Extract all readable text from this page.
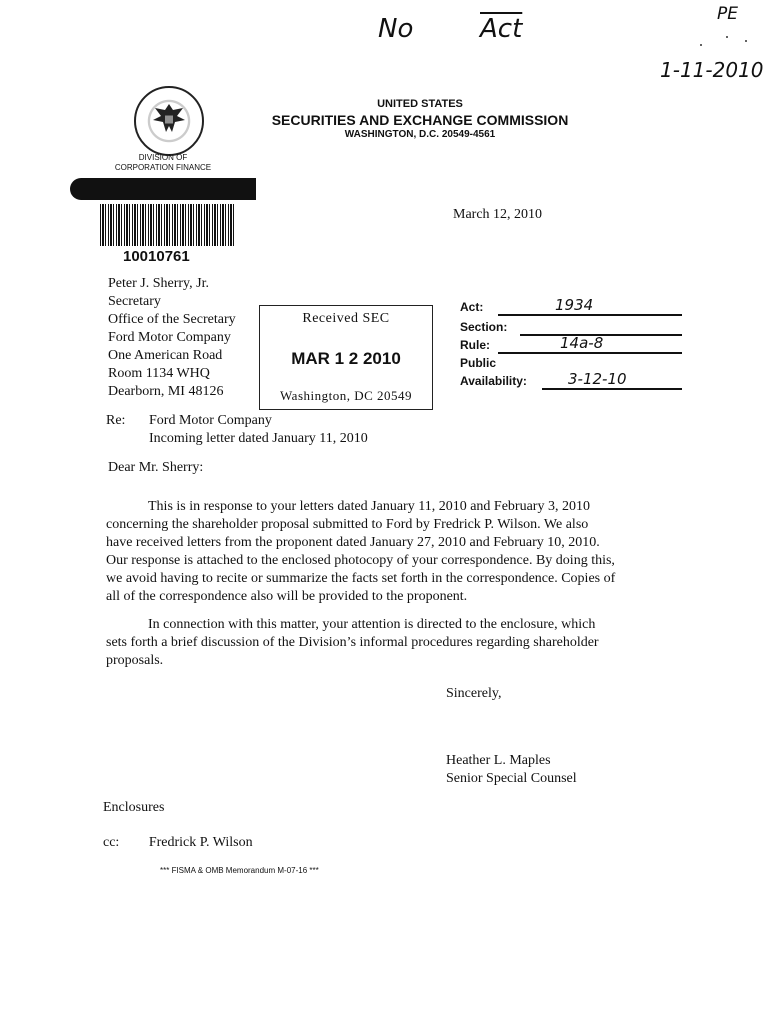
No	$\overline{Act}$	PE
1-11-2010
UNITED STATES
SECURITIES AND EXCHANGE COMMISSION
WASHINGTON, D.C. 20549-4561
DIVISION OF
CORPORATION FINANCE
10010761
March 12, 2010
Peter J. Sherry, Jr.
Secretary
Office of the Secretary
Ford Motor Company
One American Road
Room 1134 WHQ
Dearborn, MI 48126
Received SEC
MAR 1 2 2010
Washington, DC 20549
Act:	1934
Section:
Rule:	14a-8
Public
Availability:	3-12-10
Re: Ford Motor Company
Incoming letter dated January 11, 2010
Dear Mr. Sherry:

This is in response to your letters dated January 11, 2010 and February 3, 2010 concerning the shareholder proposal submitted to Ford by Fredrick P. Wilson. We also have received letters from the proponent dated January 27, 2010 and February 10, 2010. Our response is attached to the enclosed photocopy of your correspondence. By doing this, we avoid having to recite or summarize the facts set forth in the correspondence. Copies of all of the correspondence also will be provided to the proponent.

In connection with this matter, your attention is directed to the enclosure, which sets forth a brief discussion of the Division’s informal procedures regarding shareholder proposals.

Sincerely,
Heather L. Maples
Senior Special Counsel
Enclosures
cc: Fredrick P. Wilson
*** FISMA & OMB Memorandum M-07-16 ***
